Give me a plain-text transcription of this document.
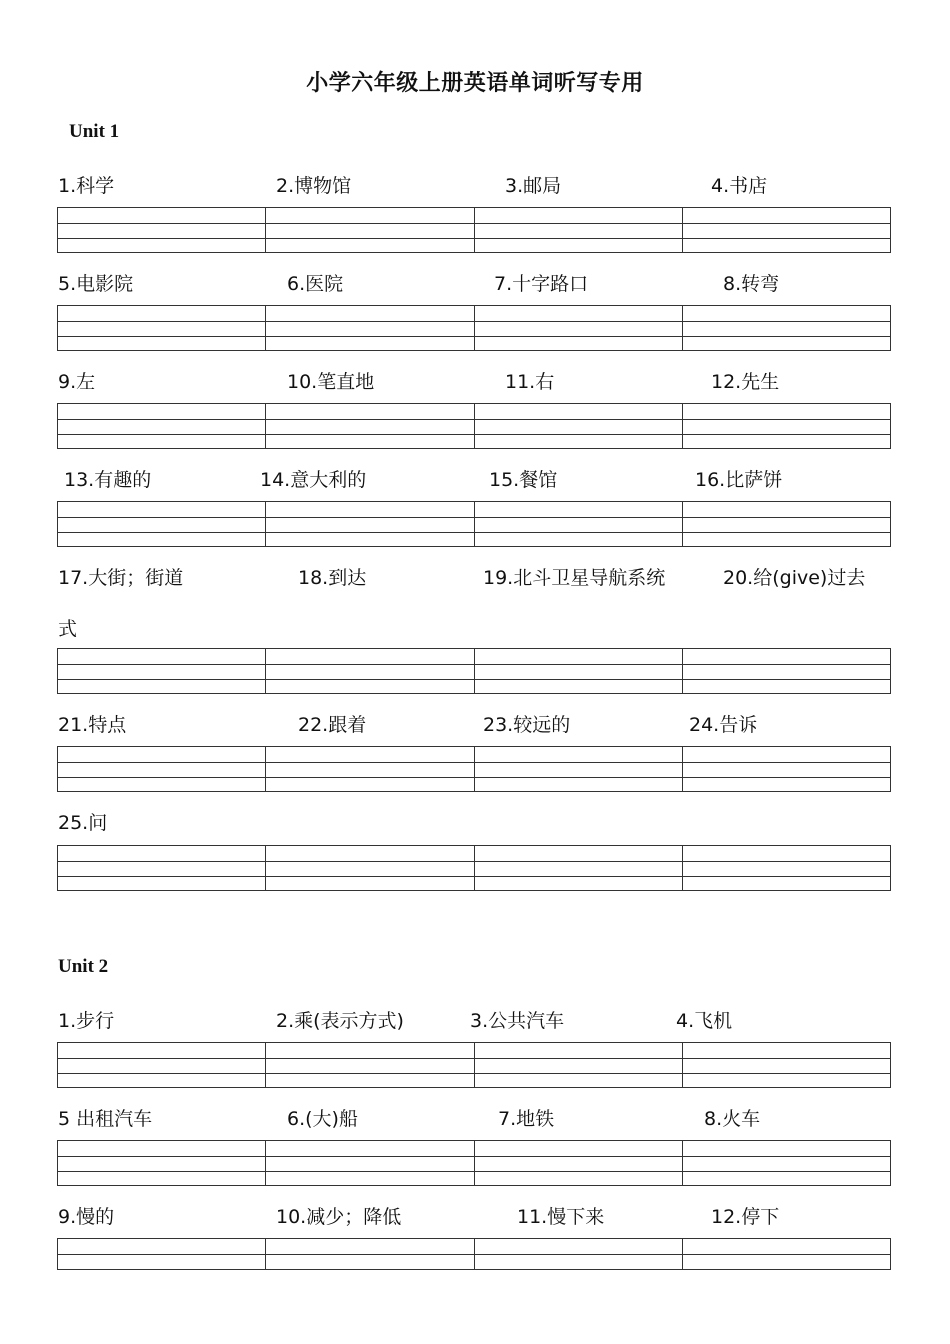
小学六年级上册英语单词听写专用
Unit 1
1.科学	2.博物馆	3.邮局	4.书店
5.电影院	6.医院	7.十字路口	8.转弯
9.左	10.笔直地	11.右	12.先生
13.有趣的	14.意大利的	15.餐馆	16.比萨饼
17.大街；街道	18.到达	19.北斗卫星导航系统	20.给(give)过去
式
21.特点	22.跟着	23.较远的	24.告诉
25.问
Unit 2
1.步行	2.乘(表示方式)	3.公共汽车	4.飞机
5 出租汽车	6.(大)船	7.地铁	8.火车
9.慢的	10.减少；降低	11.慢下来	12.停下
